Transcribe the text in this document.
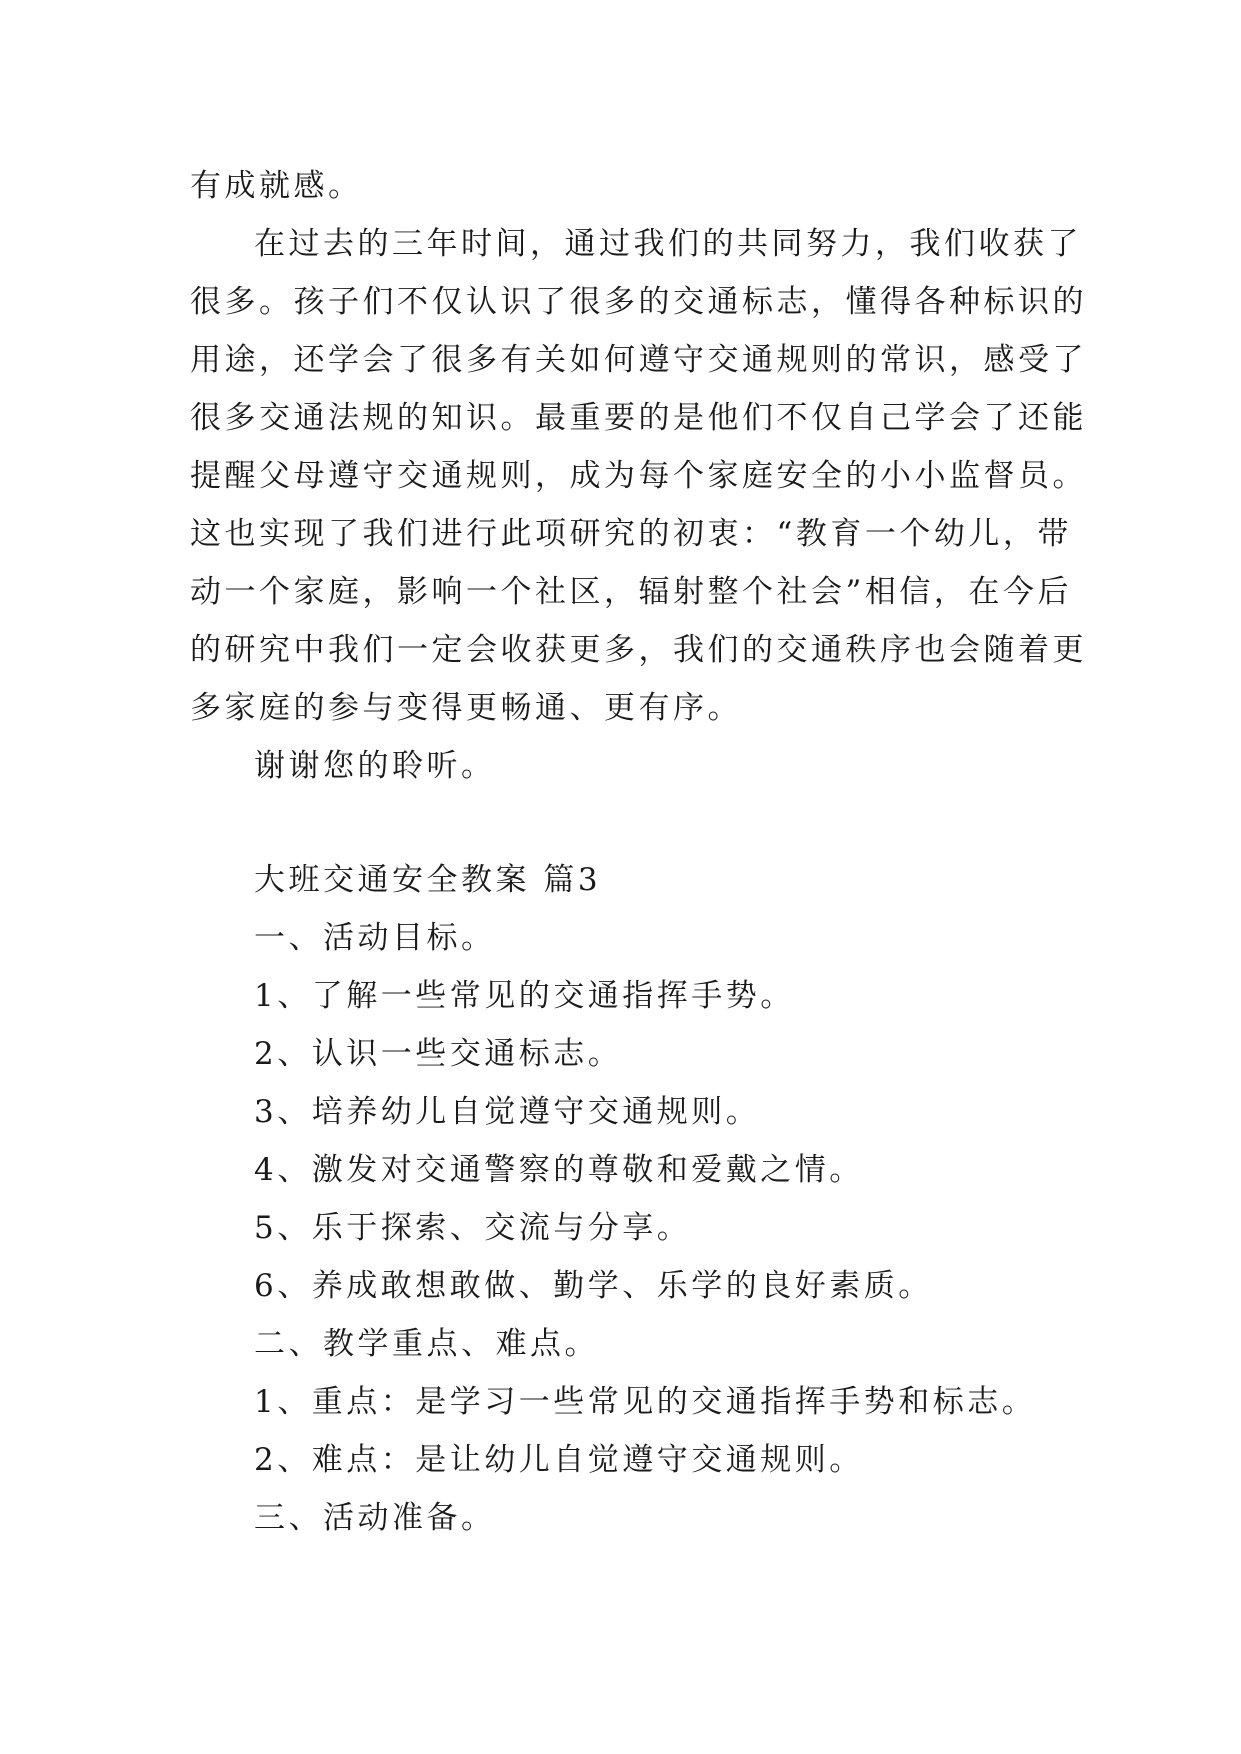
有成就感。
在过去的三年时间，通过我们的共同努力，我们收获了
很多。孩子们不仅认识了很多的交通标志，懂得各种标识的
用途，还学会了很多有关如何遵守交通规则的常识，感受了
很多交通法规的知识。最重要的是他们不仅自己学会了还能
提醒父母遵守交通规则，成为每个家庭安全的小小监督员。
这也实现了我们进行此项研究的初衷：“教育一个幼儿，带
动一个家庭，影响一个社区，辐射整个社会”相信，在今后
的研究中我们一定会收获更多，我们的交通秩序也会随着更
多家庭的参与变得更畅通、更有序。
谢谢您的聆听。
大班交通安全教案 篇3
一、活动目标。
1、了解一些常见的交通指挥手势。
2、认识一些交通标志。
3、培养幼儿自觉遵守交通规则。
4、激发对交通警察的尊敬和爱戴之情。
5、乐于探索、交流与分享。
6、养成敢想敢做、勤学、乐学的良好素质。
二、教学重点、难点。
1、重点：是学习一些常见的交通指挥手势和标志。
2、难点：是让幼儿自觉遵守交通规则。
三、活动准备。
